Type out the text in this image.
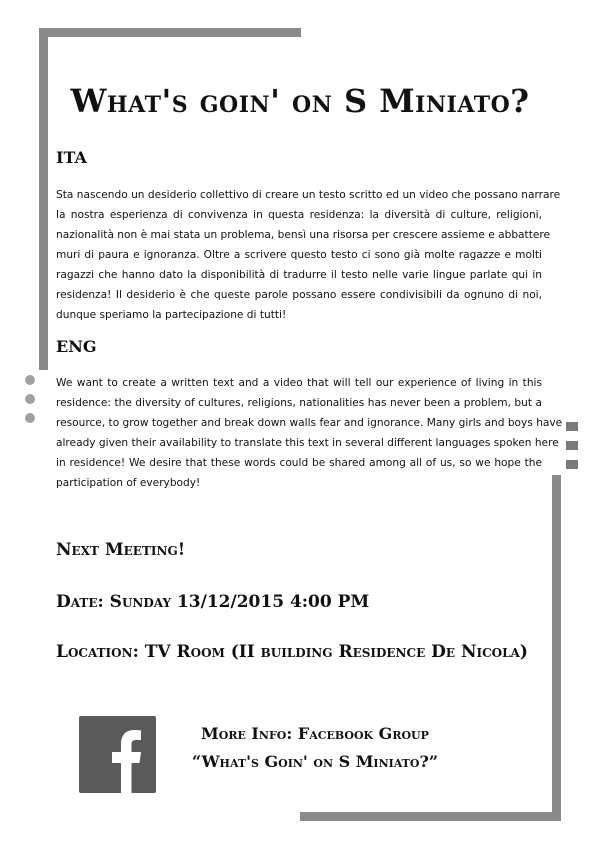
What's goin' on S Miniato?
ITA
Sta nascendo un desiderio collettivo di creare un testo scritto ed un video che possano narrare
la nostra esperienza di convivenza in questa residenza: la diversità di culture, religioni,
nazionalità non è mai stata un problema, bensì una risorsa per crescere assieme e abbattere
muri di paura e ignoranza. Oltre a scrivere questo testo ci sono già molte ragazze e molti
ragazzi che hanno dato la disponibilità di tradurre il testo nelle varie lingue parlate qui in
residenza! Il desiderio è che queste parole possano essere condivisibili da ognuno di noi,
dunque speriamo la partecipazione di tutti!
ENG
We want to create a written text and a video that will tell our experience of living in this
residence: the diversity of cultures, religions, nationalities has never been a problem, but a
resource, to grow together and break down walls fear and ignorance. Many girls and boys have
already given their availability to translate this text in several different languages spoken here
in residence! We desire that these words could be shared among all of us, so we hope the
participation of everybody!
Next Meeting!
Date: Sunday 13/12/2015 4:00 PM
Location: TV Room (II building Residence De Nicola)
More Info: Facebook Group
“What's Goin' on S Miniato?”
